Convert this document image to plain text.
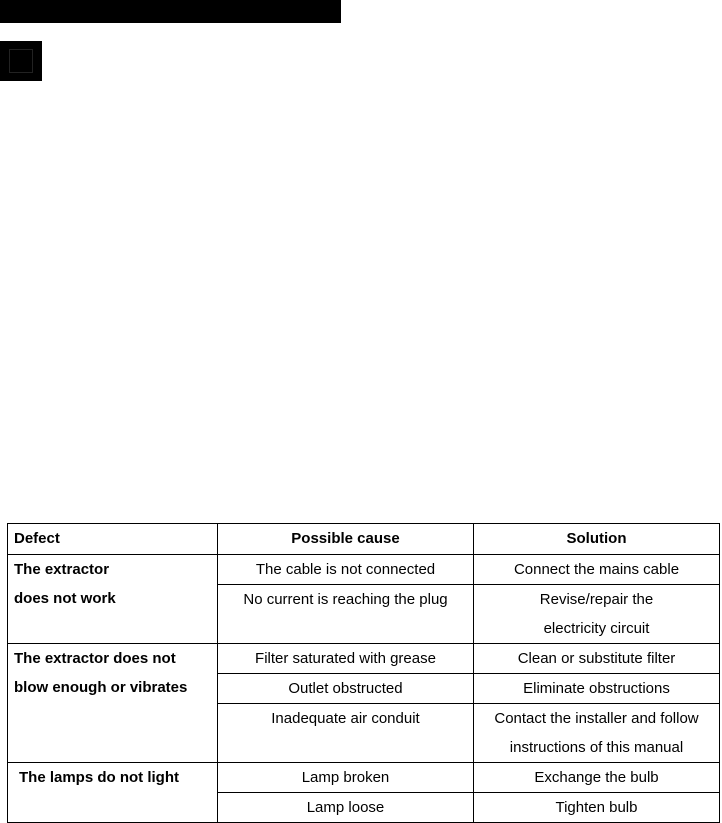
Defect	Possible cause	Solution

The extractor
does not work	The cable is not connected	Connect the mains cable

	No current is reaching the plug	Revise/repair the
electricity circuit

The extractor does not
blow enough or vibrates	Filter saturated with grease	Clean or substitute filter

	Outlet obstructed	Eliminate obstructions

	Inadequate air conduit	Contact the installer and follow
instructions of this manual

The lamps do not light	Lamp broken	Exchange the bulb

	Lamp loose	Tighten bulb
